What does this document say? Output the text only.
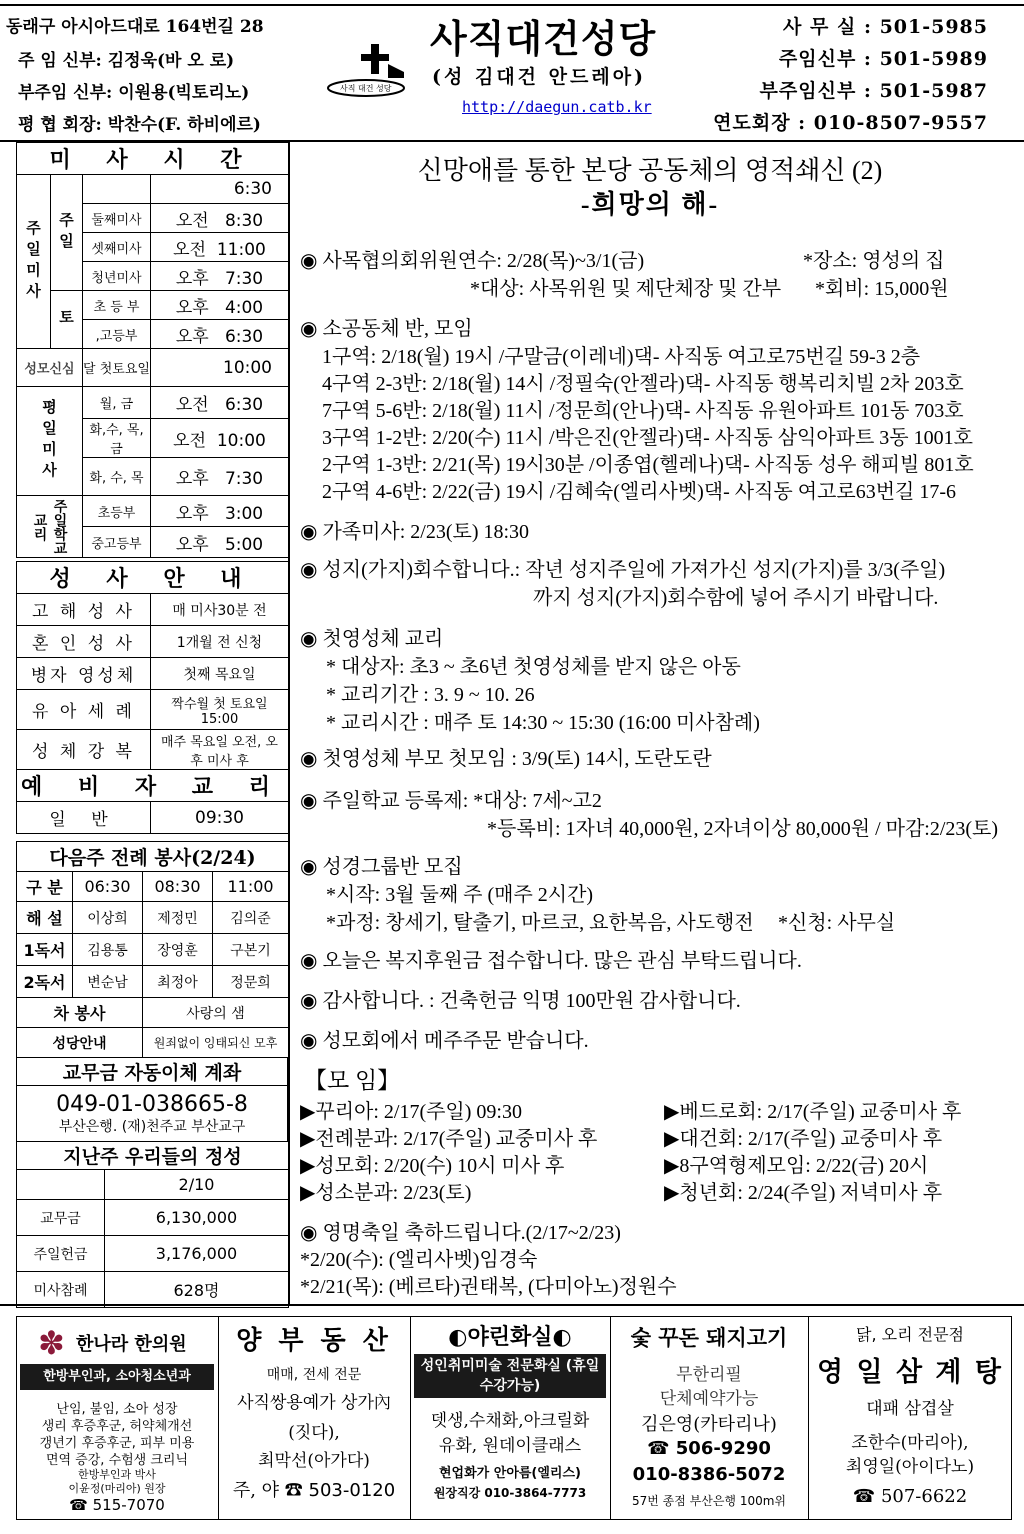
동래구 아시아드대로 164번길 28
주 임 신부: 김정욱(바 오 로)
부주임 신부: 이원용(빅토리노)
평 협 회장: 박찬수(F. 하비에르)
사직 대건 성당
사직대건성당
(성 김대건 안드레아)
http://daegun.catb.kr
사 무 실 : 501-5985
주임신부 : 501-5989
부주임신부 : 501-5987
연도회장 : 010-8507-9557
미 사 시 간			

주일미사	주일		6:30
		둘째미사	오전 8:30
		셋째미사	오전 11:00
		청년미사	오후 7:30

	토	초 등 부	오후 4:00
		,고등부	오후 6:30
성모신심		달 첫토요일	10:00

평일미사		월, 금	오전 6:30
		화,수, 목, 금	오전 10:00
		화, 수, 목	오후 7:30

주일학교교리		초등부	오후 3:00
		중고등부	오후 5:00
성 사 안 내	
고 해 성 사	매 미사30분 전
혼 인 성 사	1개월 전 신청
병자 영성체	첫째 목요일
유 아 세 례	짝수월 첫 토요일 15:00
성 체 강 복	매주 목요일 오전, 오후 미사 후
예 비 자 교 리	
일 반	09:30
다음주 전례 봉사(2/24)			
구 분	06:30	08:30	11:00
해 설	이상희	제정민	김의준
1독서	김용통	장영훈	구본기
2독서	변순남	최정아	정문희
차 봉사		사랑의 샘	
성당안내		원죄없이 잉태되신 모후	
교무금 자동이체 계좌

049-01-038665-8
부산은행. (재)천주교 부산교구
지난주 우리들의 정성	
	2/10
교무금	6,130,000
주일헌금	3,176,000
미사참례	628명
신망애를 통한 본당 공동체의 영적쇄신 (2)
-희망의 해-
◉ 사목협의회위원연수: 2/28(목)~3/1(금)	*장소: 영성의 집
*대상: 사목위원 및 제단체장 및 간부 *회비: 15,000원
◉ 소공동체 반, 모임
1구역: 2/18(월) 19시 /구말금(이레네)댁- 사직동 여고로75번길 59-3 2층
4구역 2-3반: 2/18(월) 14시 /정필숙(안젤라)댁- 사직동 행복리치빌 2차 203호
7구역 5-6반: 2/18(월) 11시 /정문희(안나)댁- 사직동 유원아파트 101동 703호
3구역 1-2반: 2/20(수) 11시 /박은진(안젤라)댁- 사직동 삼익아파트 3동 1001호
2구역 1-3반: 2/21(목) 19시30분 /이종엽(헬레나)댁- 사직동 성우 해피빌 801호
2구역 4-6반: 2/22(금) 19시 /김혜숙(엘리사벳)댁- 사직동 여고로63번길 17-6
◉ 가족미사: 2/23(토) 18:30
◉ 성지(가지)회수합니다.: 작년 성지주일에 가져가신 성지(가지)를 3/3(주일)
까지 성지(가지)회수함에 넣어 주시기 바랍니다.
◉ 첫영성체 교리
* 대상자: 초3 ~ 초6년 첫영성체를 받지 않은 아동
* 교리기간 : 3. 9 ~ 10. 26
* 교리시간 : 매주 토 14:30 ~ 15:30 (16:00 미사참례)
◉ 첫영성체 부모 첫모임 : 3/9(토) 14시, 도란도란
◉ 주일학교 등록제: *대상: 7세~고2
*등록비: 1자녀 40,000원, 2자녀이상 80,000원 / 마감:2/23(토)
◉ 성경그룹반 모집
*시작: 3월 둘째 주 (매주 2시간)
*과정: 창세기, 탈출기, 마르코, 요한복음, 사도행전 *신청: 사무실
◉ 오늘은 복지후원금 접수합니다. 많은 관심 부탁드립니다.
◉ 감사합니다. : 건축헌금 익명 100만원 감사합니다.
◉ 성모회에서 메주주문 받습니다.
【모 임】
▶꾸리아: 2/17(주일) 09:30
▶전례분과: 2/17(주일) 교중미사 후
▶성모회: 2/20(수) 10시 미사 후
▶성소분과: 2/23(토)
▶베드로회: 2/17(주일) 교중미사 후
▶대건회: 2/17(주일) 교중미사 후
▶8구역형제모임: 2/22(금) 20시
▶청년회: 2/24(주일) 저녁미사 후
◉ 영명축일 축하드립니다.(2/17~2/23)
*2/20(수): (엘리사벳)임경숙
*2/21(목): (베르타)권태복, (다미아노)정원수
✽ 한나라 한의원
한방부인과, 소아청소년과
난임, 불임, 소아 성장
생리 후증후군, 허약체개선
갱년기 후증후군, 피부 미용
면역 증강, 수험생 크리닉
한방부인과 박사
이윤정(마리아) 원장
☎ 515-7070
양 부 동 산
매매, 전세 전문
사직쌍용예가 상가內
(짓다),
최막선(아가다)
주, 야 ☎ 503-0120
◐야린화실◐
성인취미미술 전문화실 (휴일 수강가능)
뎃생,수채화,아크릴화
유화, 원데이클래스
현업화가 안아름(엘리스)
원장직강 010-3864-7773
숯 꾸돈 돼지고기
무한리필
단체예약가능
김은영(카타리나)
☎ 506-9290
010-8386-5072
57번 종점 부산은행 100m위
닭, 오리 전문점
영 일 삼 계 탕
대패 삼겹살
조한수(마리아),
최영일(아이다노)
☎ 507-6622
